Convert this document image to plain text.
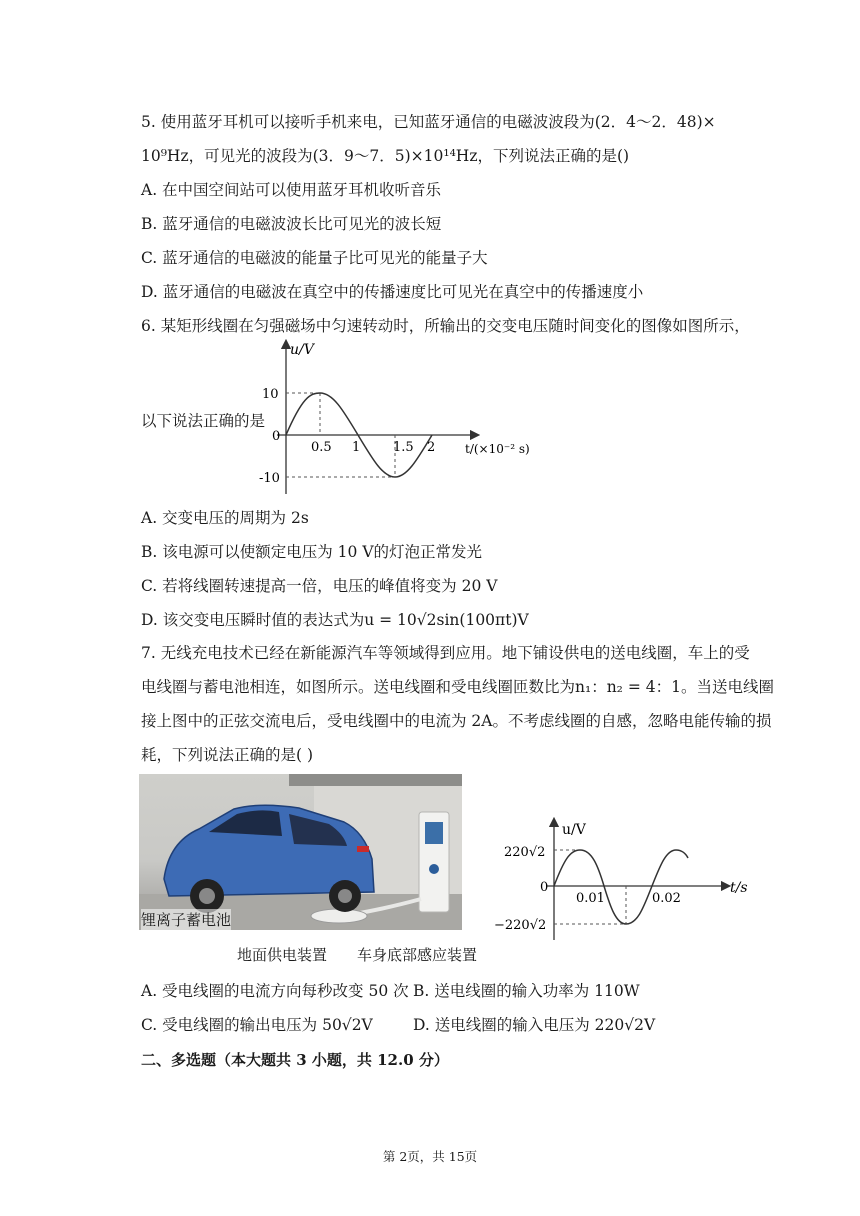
5. 使用蓝牙耳机可以接听手机来电，已知蓝牙通信的电磁波波段为(2．4～2．48)×
10⁹Hz，可见光的波段为(3．9～7．5)×10¹⁴Hz，下列说法正确的是()
A. 在中国空间站可以使用蓝牙耳机收听音乐
B. 蓝牙通信的电磁波波长比可见光的波长短
C. 蓝牙通信的电磁波的能量子比可见光的能量子大
D. 蓝牙通信的电磁波在真空中的传播速度比可见光在真空中的传播速度小
6. 某矩形线圈在匀强磁场中匀速转动时，所输出的交变电压随时间变化的图像如图所示，
以下说法正确的是
u/V
10
0
-10
0.5 1	1.5 2 t/(×10⁻² s)
A. 交变电压的周期为 2s
B. 该电源可以使额定电压为 10 V的灯泡正常发光
C. 若将线圈转速提高一倍，电压的峰值将变为 20 V
D. 该交变电压瞬时值的表达式为u = 10√2sin(100πt)V
7. 无线充电技术已经在新能源汽车等领域得到应用。地下铺设供电的送电线圈，车上的受
电线圈与蓄电池相连，如图所示。送电线圈和受电线圈匝数比为n₁：n₂ = 4：1。当送电线圈
接上图中的正弦交流电后，受电线圈中的电流为 2A。不考虑线圈的自感，忽略电能传输的损
耗，下列说法正确的是( )
锂离子蓄电池
地面供电装置 车身底部感应装置
u/V
220√2
0
−220√2
0.01	0.02
t/s
A. 受电线圈的电流方向每秒改变 50 次 B. 送电线圈的输入功率为 110W
C. 受电线圈的输出电压为 50√2V	D. 送电线圈的输入电压为 220√2V
二、多选题（本大题共 3 小题，共 12.0 分）
第 2页，共 15页
